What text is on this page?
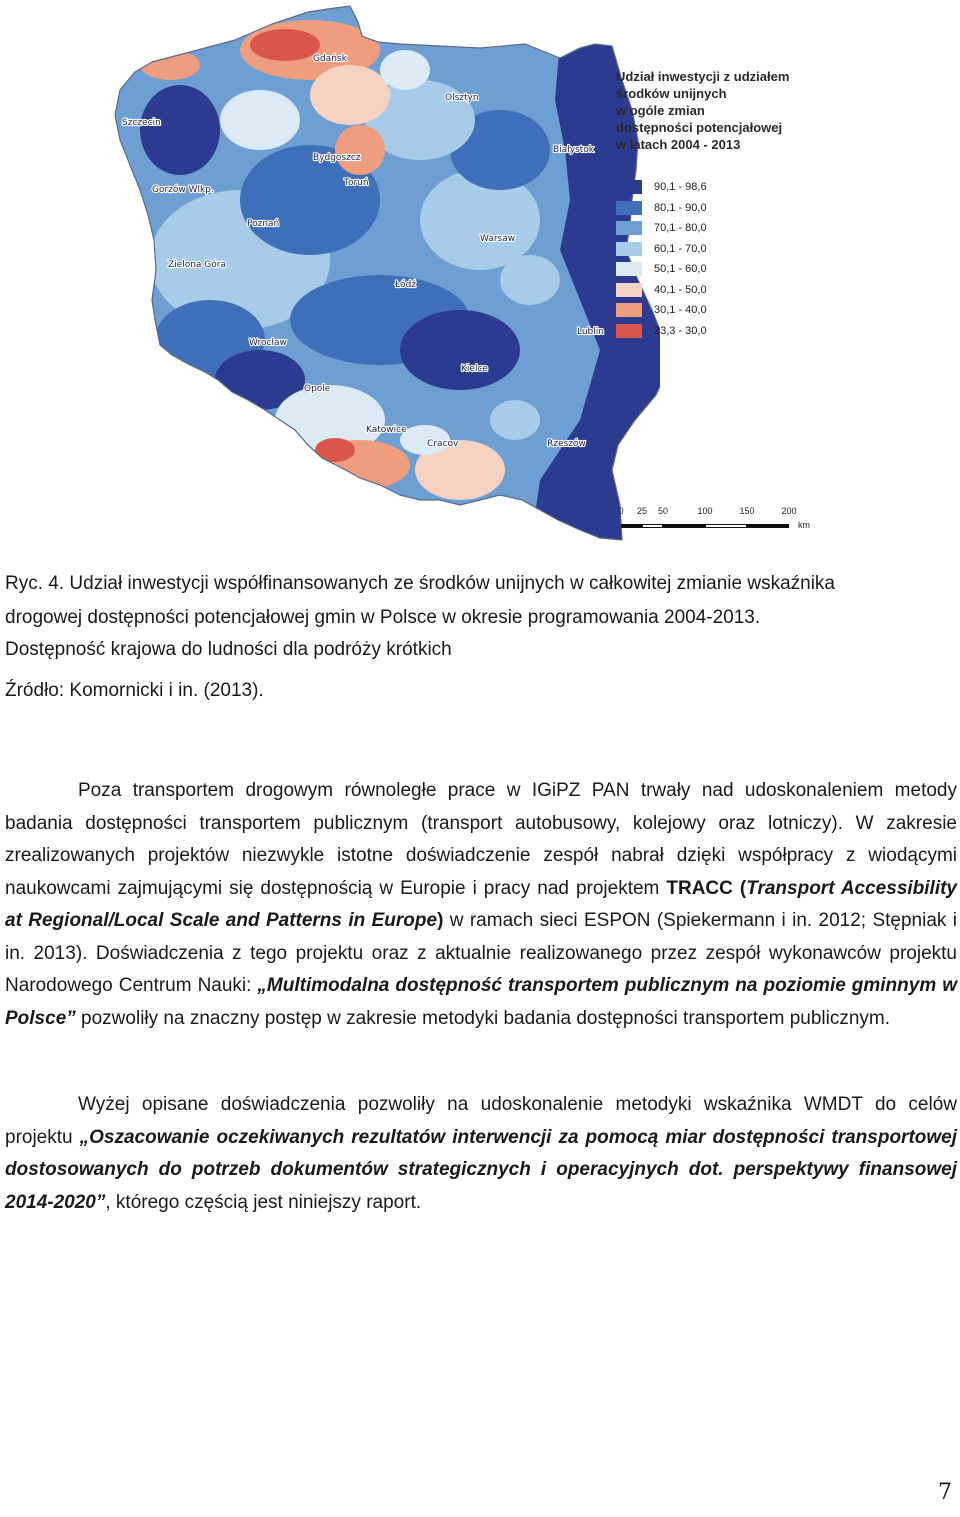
Gdańsk
Olsztyn
Szczecin
Bydgoszcz
Białystok
Toruń
Gorzów Wlkp.
Poznań
Warsaw
Zielona Góra
Łódź
Lublin
Wrocław
Kielce
Opole
Katowice
Cracov	Rzeszów
Udział inwestycji z udziałem
środków unijnych
w ogóle zmian
dostępności potencjałowej
w latach 2004 - 2013
90,1 - 98,6
80,1 - 90,0
70,1 - 80,0
60,1 - 70,0
50,1 - 60,0
40,1 - 50,0
30,1 - 40,0
23,3 - 30,0
km
0 25 50	100	150	200
Ryc. 4. Udział inwestycji współfinansowanych ze środków unijnych w całkowitej zmianie wskaźnika
drogowej dostępności potencjałowej gmin w Polsce w okresie programowania 2004-2013.
Dostępność krajowa do ludności dla podróży krótkich
Źródło: Komornicki i in. (2013).

Poza transportem drogowym równoległe prace w IGiPZ PAN trwały nad udoskonaleniem metody badania dostępności transportem publicznym (transport autobusowy, kolejowy oraz lotniczy). W zakresie zrealizowanych projektów niezwykle istotne doświadczenie zespół nabrał dzięki współpracy z wiodącymi naukowcami zajmującymi się dostępnością w Europie i pracy nad projektem TRACC (Transport Accessibility at Regional/Local Scale and Patterns in Europe) w ramach sieci ESPON (Spiekermann i in. 2012; Stępniak i in. 2013). Doświadczenia z tego projektu oraz z aktualnie realizowanego przez zespół wykonawców projektu Narodowego Centrum Nauki: „Multimodalna dostępność transportem publicznym na poziomie gminnym w Polsce” pozwoliły na znaczny postęp w zakresie metodyki badania dostępności transportem publicznym.

Wyżej opisane doświadczenia pozwoliły na udoskonalenie metodyki wskaźnika WMDT do celów projektu „Oszacowanie oczekiwanych rezultatów interwencji za pomocą miar dostępności transportowej dostosowanych do potrzeb dokumentów strategicznych i operacyjnych dot. perspektywy finansowej 2014-2020”, którego częścią jest niniejszy raport.

7
